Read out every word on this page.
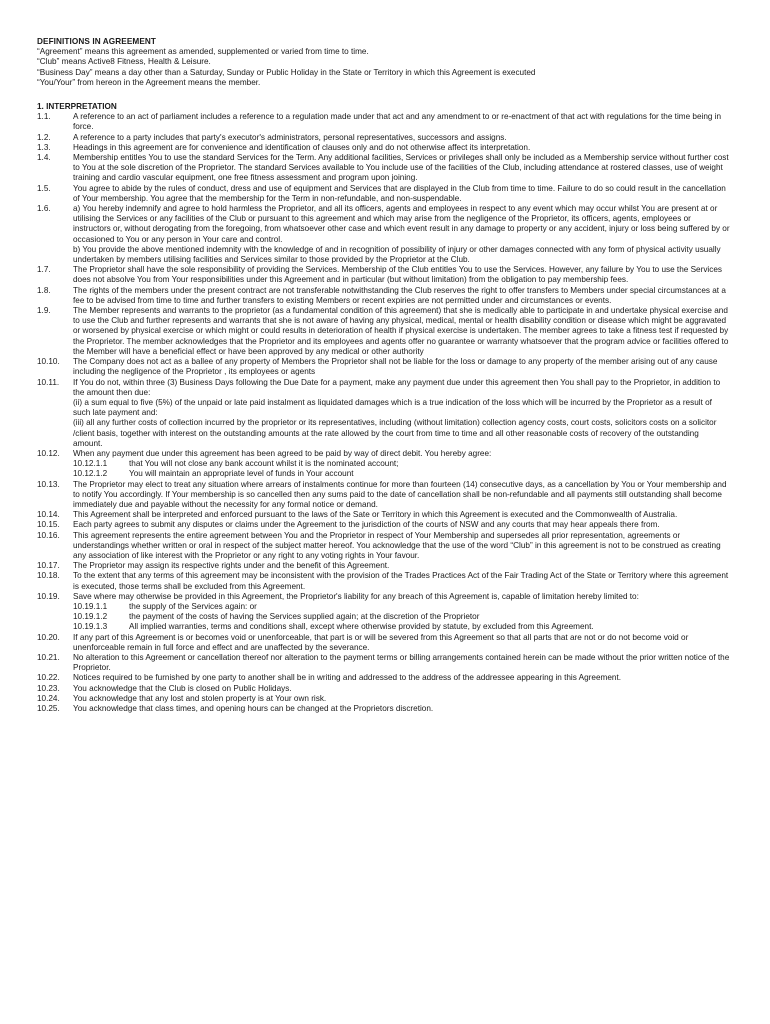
DEFINITIONS IN AGREEMENT
“Agreement” means this agreement as amended, supplemented or varied from time to time.
“Club” means Active8 Fitness, Health & Leisure.
“Business Day” means a day other than a Saturday, Sunday or Public Holiday in the State or Territory in which this Agreement is executed
“You/Your” from hereon in the Agreement means the member.
1. INTERPRETATION
1.1.	A reference to an act of parliament includes a reference to a regulation made under that act and any amendment to or re-enactment of that act with regulations for the time being in force.

1.2.	A reference to a party includes that party's executor's administrators, personal representatives, successors and assigns.

1.3.	Headings in this agreement are for convenience and identification of clauses only and do not otherwise affect its interpretation.

1.4.	Membership entitles You to use the standard Services for the Term. Any additional facilities, Services or privileges shall only be included as a Membership service without further cost to You at the sole discretion of the Proprietor. The standard Services available to You include use of the facilities of the Club, including attendance at rostered classes, use of weight training and cardio vascular equipment, one free fitness assessment and program upon joining.

1.5.	You agree to abide by the rules of conduct, dress and use of equipment and Services that are displayed in the Club from time to time. Failure to do so could result in the cancellation of Your membership. You agree that the membership for the Term in non-refundable, and non-suspendable.

1.6.	a) You hereby indemnify and agree to hold harmless the Proprietor, and all its officers, agents and employees in respect to any event which may occur whilst You are present at or utilising the Services or any facilities of the Club or pursuant to this agreement and which may arise from the negligence of the Proprietor, its officers, agents, employees or instructors or, without derogating from the foregoing, from whatsoever other case and which event result in any damage to property or any accident, injury or loss being suffered by or occasioned to You or any person in Your care and control.

b) You provide the above mentioned indemnity with the knowledge of and in recognition of possibility of injury or other damages connected with any form of physical activity usually undertaken by members utilising facilities and Services similar to those provided by the Proprietor at the Club.

1.7.	The Proprietor shall have the sole responsibility of providing the Services. Membership of the Club entitles You to use the Services. However, any failure by You to use the Services does not absolve You from Your responsibilities under this Agreement and in particular (but without limitation) from the obligation to pay membership fees.

1.8.	The rights of the members under the present contract are not transferable notwithstanding the Club reserves the right to offer transfers to Members under special circumstances at a fee to be advised from time to time and further transfers to existing Members or recent expiries are not permitted under and circumstances or events.

1.9.	The Member represents and warrants to the proprietor (as a fundamental condition of this agreement) that she is medically able to participate in and undertake physical exercise and to use the Club and further represents and warrants that she is not aware of having any physical, medical, mental or health disability condition or disease which might be aggravated or worsened by physical exercise or which might or could results in deterioration of health if physical exercise is undertaken. The member agrees to take a fitness test if requested by the Proprietor. The member acknowledges that the Proprietor and its employees and agents offer no guarantee or warranty whatsoever that the program advice or facilities offered to the Member will have a beneficial effect or have been approved by any medical or other authority

10.10.	The Company does not act as a ballee of any property of Members the Proprietor shall not be liable for the loss or damage to any property of the member arising out of any cause including the negligence of the Proprietor , its employees or agents

10.11.	If You do not, within three (3) Business Days following the Due Date for a payment, make any payment due under this agreement then You shall pay to the Proprietor, in addition to the amount then due:

(ii) a sum equal to five (5%) of the unpaid or late paid instalment as liquidated damages which is a true indication of the loss which will be incurred by the Proprietor as a result of such late payment and:

(iii) all any further costs of collection incurred by the proprietor or its representatives, including (without limitation) collection agency costs, court costs, solicitors costs on a solicitor /client basis, together with interest on the outstanding amounts at the rate allowed by the court from time to time and all other reasonable costs of recovery of the outstanding amount.

10.12.	When any payment due under this agreement has been agreed to be paid by way of direct debit. You hereby agree:

10.12.1.1	that You will not close any bank account whilst it is the nominated account;
10.12.1.2	You will maintain an appropriate level of funds in Your account
10.13.	The Proprietor may elect to treat any situation where arrears of instalments continue for more than fourteen (14) consecutive days, as a cancellation by You or Your membership and to notify You accordingly. If Your membership is so cancelled then any sums paid to the date of cancellation shall be non-refundable and all payments still outstanding shall become immediately due and payable without the necessity for any formal notice or demand.

10.14.	This Agreement shall be interpreted and enforced pursuant to the laws of the Sate or Territory in which this Agreement is executed and the Commonwealth of Australia.

10.15.	Each party agrees to submit any disputes or claims under the Agreement to the jurisdiction of the courts of NSW and any courts that may hear appeals there from.

10.16.	This agreement represents the entire agreement between You and the Proprietor in respect of Your Membership and supersedes all prior representation, agreements or understandings whether written or oral in respect of the subject matter hereof. You acknowledge that the use of the word “Club” in this agreement is not to be construed as creating any association of like interest with the Proprietor or any right to any voting rights in Your favour.

10.17.	The Proprietor may assign its respective rights under and the benefit of this Agreement.

10.18.	To the extent that any terms of this agreement may be inconsistent with the provision of the Trades Practices Act of the Fair Trading Act of the State or Territory where this agreement is executed, those terms shall be excluded from this Agreement.

10.19.	Save where may otherwise be provided in this Agreement, the Proprietor's liability for any breach of this Agreement is, capable of limitation hereby limited to:

10.19.1.1	the supply of the Services again: or
10.19.1.2	the payment of the costs of having the Services supplied again; at the discretion of the Proprietor
10.19.1.3	All implied warranties, terms and conditions shall, except where otherwise provided by statute, by excluded from this Agreement.
10.20.	If any part of this Agreement is or becomes void or unenforceable, that part is or will be severed from this Agreement so that all parts that are not or do not become void or unenforceable remain in full force and effect and are unaffected by the severance.

10.21.	No alteration to this Agreement or cancellation thereof nor alteration to the payment terms or billing arrangements contained herein can be made without the prior written notice of the Proprietor.

10.22.	Notices required to be furnished by one party to another shall be in writing and addressed to the address of the addressee appearing in this Agreement.

10.23.	You acknowledge that the Club is closed on Public Holidays.

10.24.	You acknowledge that any lost and stolen property is at Your own risk.

10.25.	You acknowledge that class times, and opening hours can be changed at the Proprietors discretion.
